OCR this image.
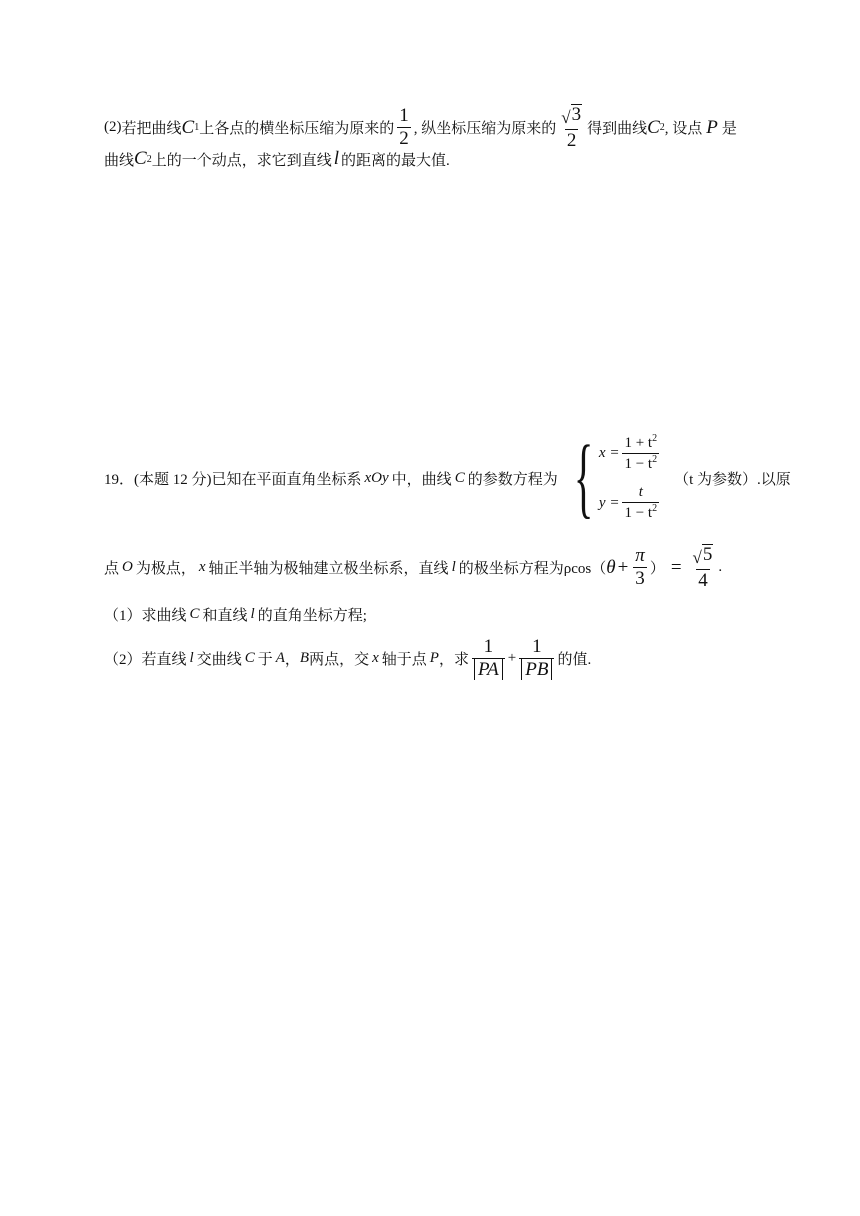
(2) 若把曲线 C 1 上各点的横坐标压缩为原来的 $\frac{1}{2}$ , 纵坐标压缩为原来的 $\frac{√ 3}{2}$ 得到曲线 C 2 , 设点 P 是
曲线 C 2 上的一个动点，求它到直线 l 的距离的最大值.
19． (本题 12 分)已知在平面直角坐标系 xOy 中，曲线 C 的参数方程为 { $x = \frac{1 + t^2}{1 - t^2}$
$y = \frac{t}{1 - t^2}$
（t 为参数）.以原
点 O 为极点， x 轴正半轴为极轴建立极坐标系，直线 l 的极坐标方程为ρcos（ $\theta + \frac{\pi}{3}$ ） = $\frac{√ 5}{4}$ .
（1）求曲线 C 和直线 l 的直角坐标方程;
（2）若直线 l 交曲线 C 于 A ， B 两点，交 x 轴于点 P ，求 $\frac{1}{PA} + \frac{1}{PB}$ 的值.
